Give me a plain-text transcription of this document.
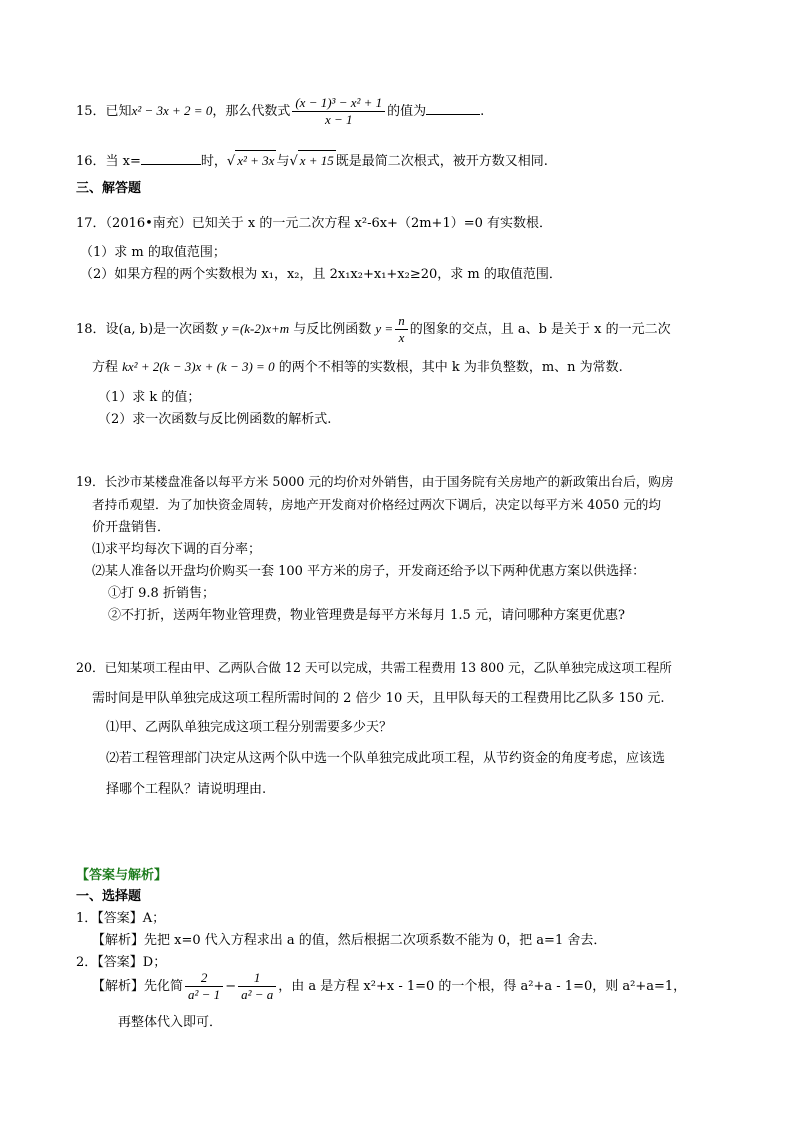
15．已知x² − 3x + 2 = 0，那么代数式 $\frac{\text{(x − 1)³ − x² + 1}}{x - 1}$ 的值为	.
16．当 x=	时，√ x² + 3x 与√ x + 15 既是最简二次根式，被开方数又相同.
三、解答题
17．（2016•南充）已知关于 x 的一元二次方程 x²-6x+（2m+1）=0 有实数根．
（1）求 m 的取值范围；
（2）如果方程的两个实数根为 x₁，x₂，且 2x₁x₂+x₁+x₂≥20，求 m 的取值范围．
18．设(a, b)是一次函数 y =(k-2)x+m 与反比例函数 $y = \frac{n}{x}$ 的图象的交点，且 a、b 是关于 x 的一元二次
方程 kx² + 2(k − 3)x + (k − 3) = 0 的两个不相等的实数根，其中 k 为非负整数，m、n 为常数.
（1）求 k 的值；
（2）求一次函数与反比例函数的解析式.
19．长沙市某楼盘准备以每平方米 5000 元的均价对外销售，由于国务院有关房地产的新政策出台后，购房
者持币观望．为了加快资金周转，房地产开发商对价格经过两次下调后，决定以每平方米 4050 元的均
价开盘销售．
⑴求平均每次下调的百分率；
⑵某人准备以开盘均价购买一套 100 平方米的房子，开发商还给予以下两种优惠方案以供选择：
①打 9.8 折销售；
②不打折，送两年物业管理费，物业管理费是每平方米每月 1.5 元，请问哪种方案更优惠?
20．已知某项工程由甲、乙两队合做 12 天可以完成，共需工程费用 13 800 元，乙队单独完成这项工程所
需时间是甲队单独完成这项工程所需时间的 2 倍少 10 天，且甲队每天的工程费用比乙队多 150 元.
⑴甲、乙两队单独完成这项工程分别需要多少天？
⑵若工程管理部门决定从这两个队中选一个队单独完成此项工程，从节约资金的角度考虑，应该选
择哪个工程队？请说明理由.
【答案与解析】
一、选择题
1．【答案】A；
【解析】先把 x=0 代入方程求出 a 的值，然后根据二次项系数不能为 0，把 a=1 舍去．
2．【答案】D；
【解析】先化简 $\frac{2}{\text{a² − 1}} - \frac{1}{\text{a² − a}}$ ，由 a 是方程 x²+x - 1=0 的一个根，得 a²+a - 1=0，则 a²+a=1，
再整体代入即可．
